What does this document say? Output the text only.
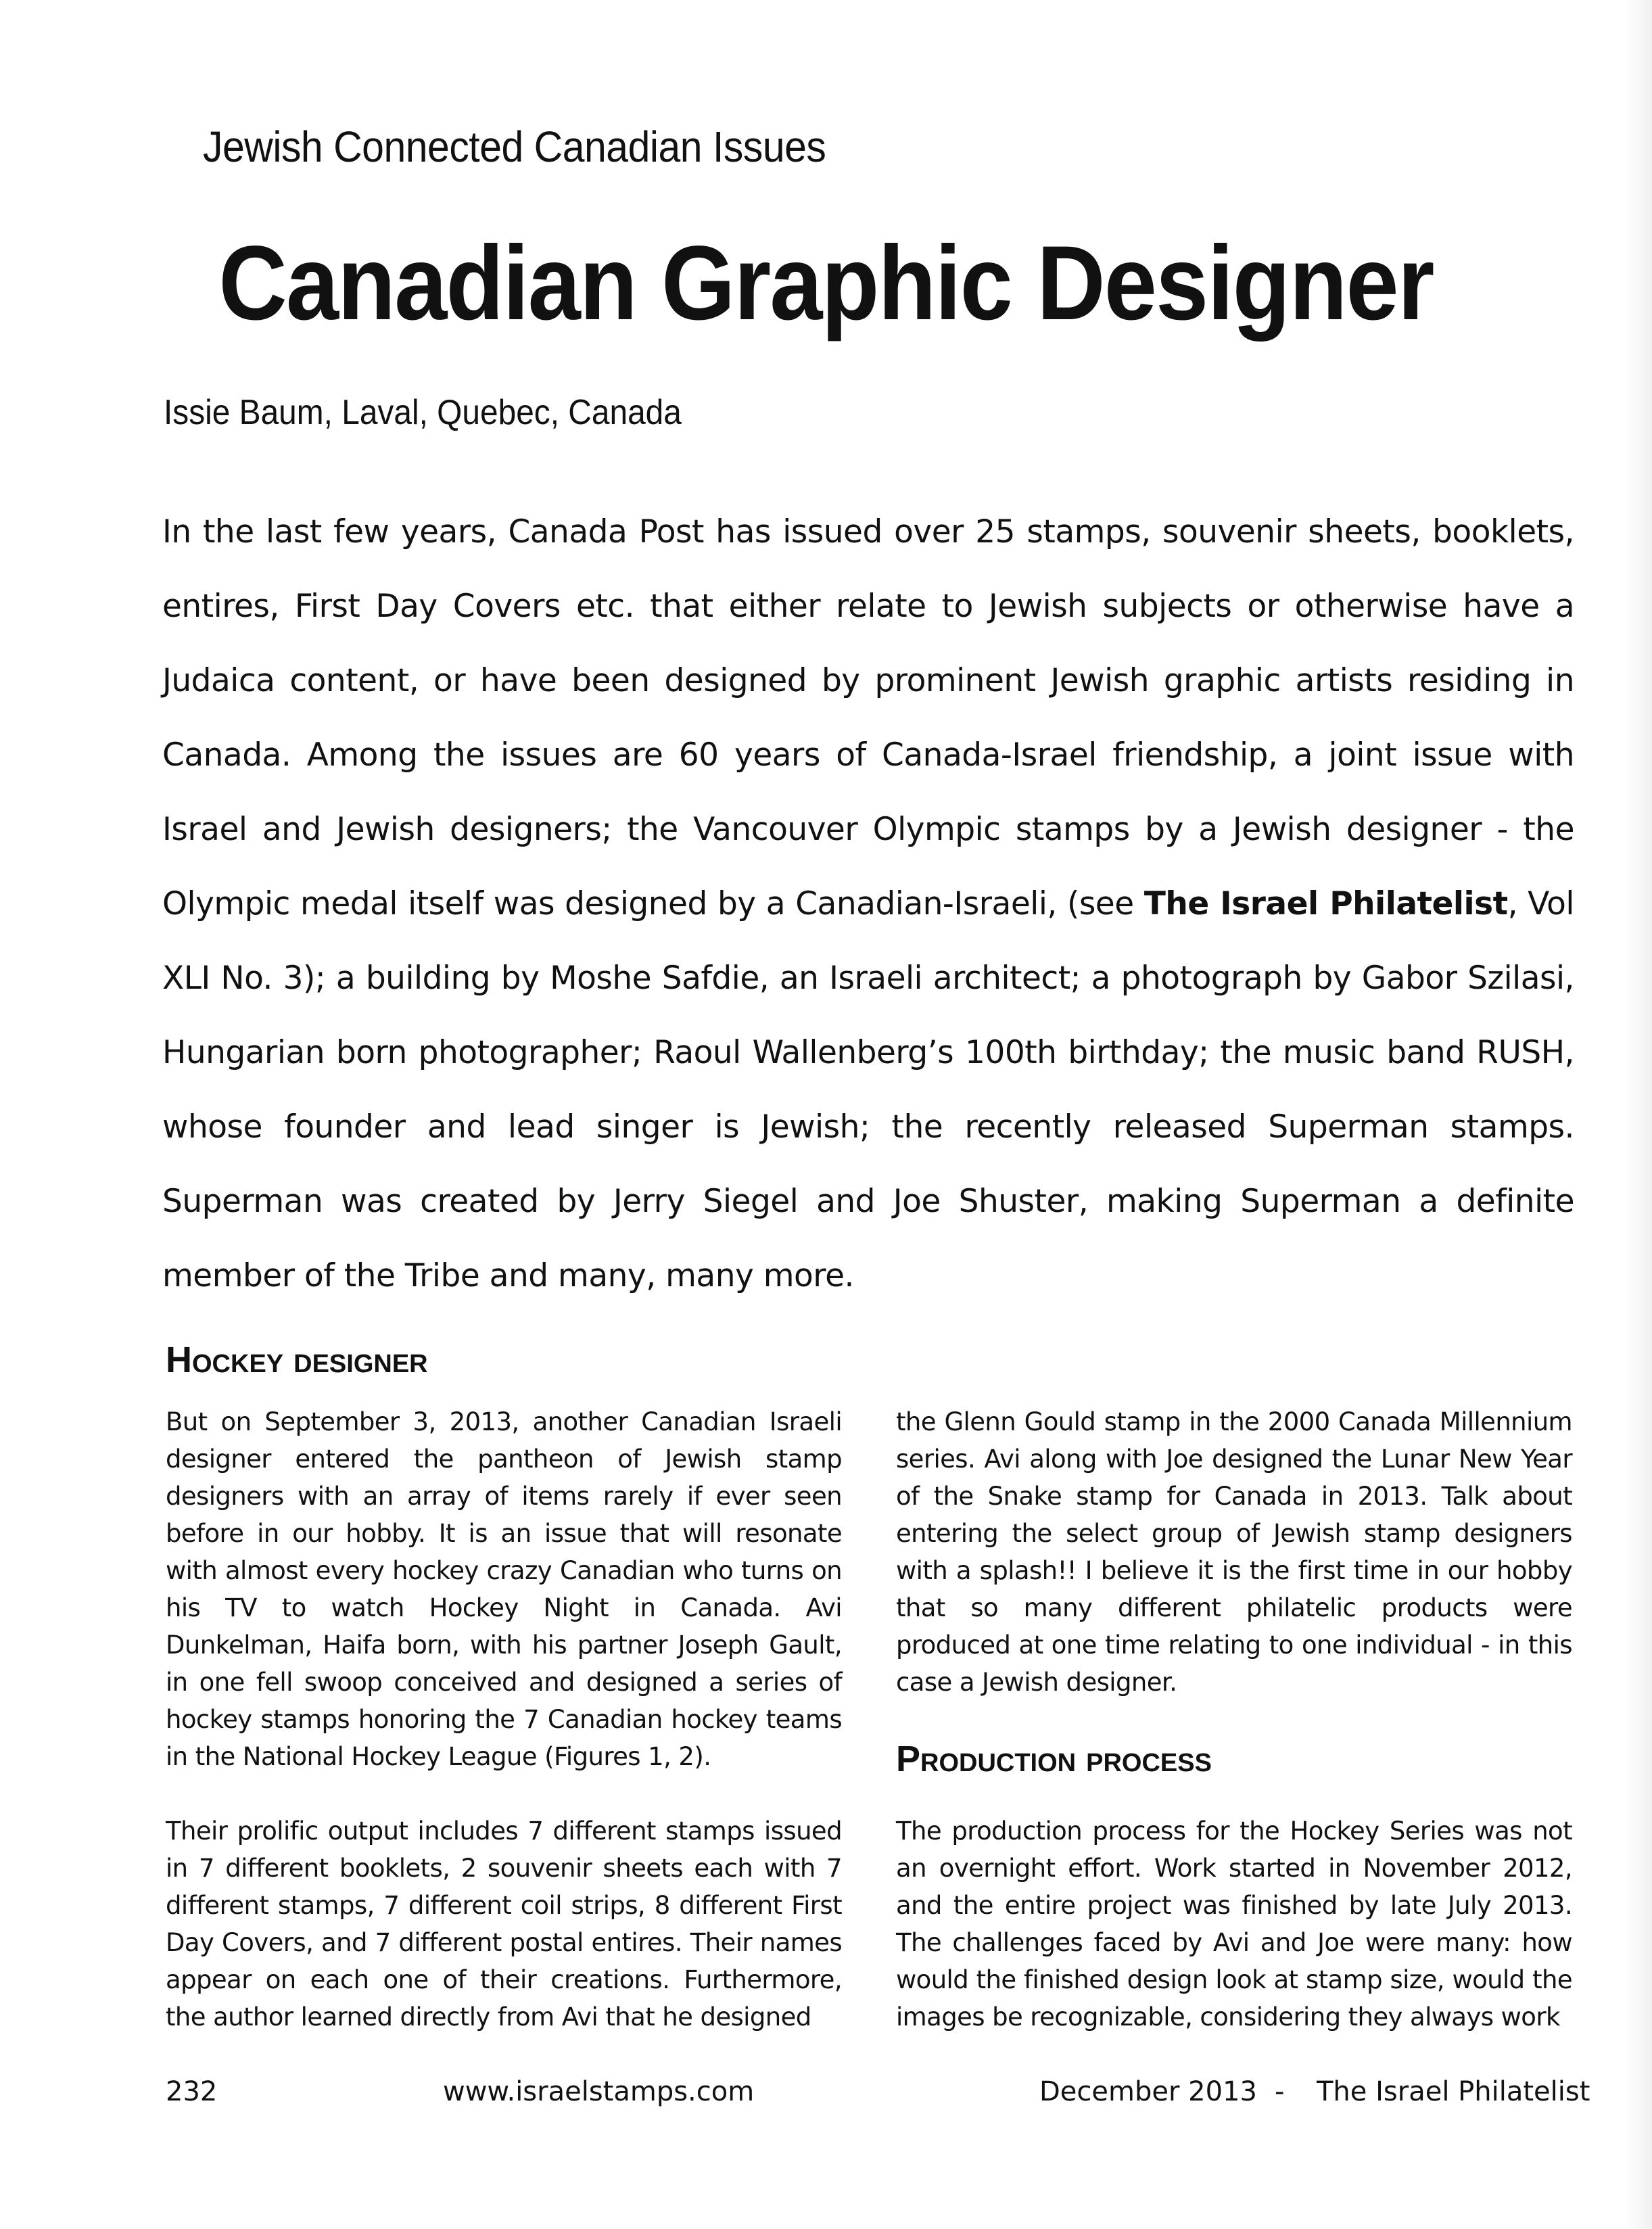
Jewish Connected Canadian Issues
Canadian Graphic Designer
Issie Baum, Laval, Quebec, Canada
In the last few years, Canada Post has issued over 25 stamps, souvenir sheets, booklets, entires, First Day Covers etc. that either relate to Jewish subjects or otherwise have a Judaica content, or have been designed by prominent Jewish graphic artists residing in Canada. Among the issues are 60 years of Canada-Israel friendship, a joint issue with Israel and Jewish designers; the Vancouver Olympic stamps by a Jewish designer - the Olympic medal itself was designed by a Canadian-Israeli, (see The Israel Philatelist, Vol XLI No. 3); a building by Moshe Safdie, an Israeli architect; a photograph by Gabor Szilasi, Hungarian born photographer; Raoul Wallenberg’s 100th birthday; the music band RUSH, whose founder and lead singer is Jewish; the recently released Superman stamps. Superman was created by Jerry Siegel and Joe Shuster, making Superman a definite member of the Tribe and many, many more.
Hockey designer

But on September 3, 2013, another Canadian Israeli designer entered the pantheon of Jewish stamp designers with an array of items rarely if ever seen before in our hobby. It is an issue that will resonate with almost every hockey crazy Canadian who turns on his TV to watch Hockey Night in Canada. Avi Dunkelman, Haifa born, with his partner Joseph Gault, in one fell swoop conceived and designed a series of hockey stamps honoring the 7 Canadian hockey teams in the National Hockey League (Figures 1, 2).

Their prolific output includes 7 different stamps issued in 7 different booklets, 2 souvenir sheets each with 7 different stamps, 7 different coil strips, 8 different First Day Covers, and 7 different postal entires. Their names appear on each one of their creations. Furthermore, the author learned directly from Avi that he designed

the Glenn Gould stamp in the 2000 Canada Millennium series. Avi along with Joe designed the Lunar New Year of the Snake stamp for Canada in 2013. Talk about entering the select group of Jewish stamp designers with a splash!! I believe it is the first time in our hobby that so many different philatelic products were produced at one time relating to one individual - in this case a Jewish designer.

Production process

The production process for the Hockey Series was not an overnight effort. Work started in November 2012, and the entire project was finished by late July 2013. The challenges faced by Avi and Joe were many: how would the finished design look at stamp size, would the images be recognizable, considering they always work

232	www.israelstamps.com	December 2013 - The Israel Philatelist
